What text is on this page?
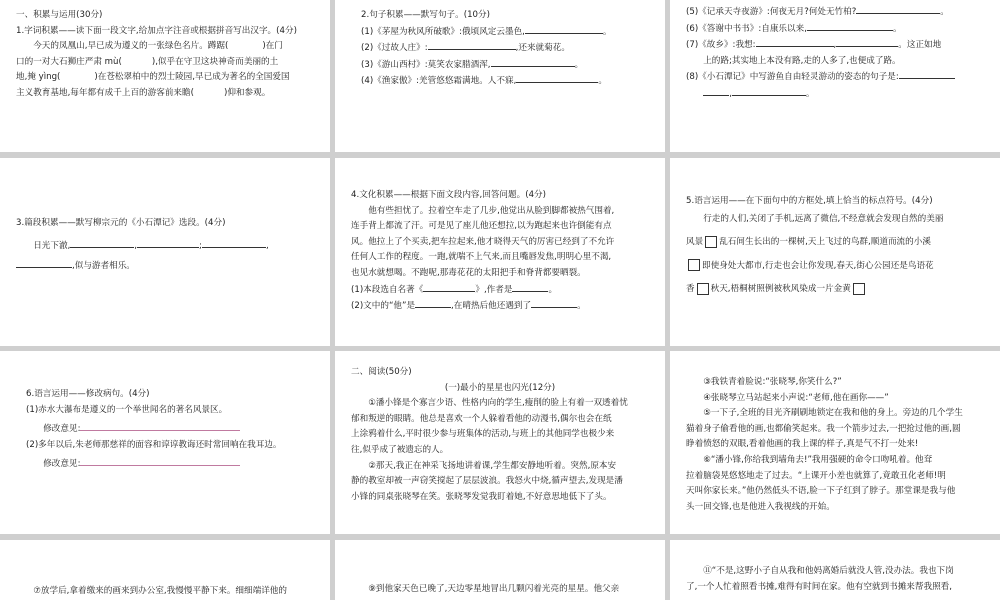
一、积累与运用(30分)

1.字词积累——读下面一段文字,给加点字注音或根据拼音写出汉字。(4分)

今天的凤凰山,早已成为遵义的一张绿色名片。蹲踞(	)在门

口的一对大石狮庄严肃 mù(	),似乎在守卫这块神奇而美丽的土

地,掩 yìng(	)在苍松翠柏中的烈士陵园,早已成为著名的全国爱国

主义教育基地,每年都有成千上百的游客前来瞻(	)仰和参观。

2.句子积累——默写句子。(10分)

(1)《茅屋为秋风所破歌》:俄顷风定云墨色,	。

(2)《过故人庄》:	,还来就菊花。

(3)《游山西村》:莫笑农家腊酒浑,	。

(4)《渔家傲》:羌管悠悠霜满地。人不寐,	。

(5)《记承天寺夜游》:何夜无月?何处无竹柏?	。

(6)《答谢中书书》:自康乐以来,	。

(7)《故乡》:我想:	,	。这正如地

上的路;其实地上本没有路,走的人多了,也便成了路。

(8)《小石潭记》中写游鱼自由轻灵游动的姿态的句子是:

,	。

3.篇段积累——默写柳宗元的《小石潭记》选段。(4分)

日光下澈,	,	;	,

,似与游者相乐。

4.文化积累——根据下面文段内容,回答问题。(4分)

他有些担忧了。拉着空车走了几步,他觉出从脸到脚都被热气围着,

连手背上都流了汗。可是见了座儿他还想拉,以为跑起来也许倒能有点

风。他拉上了个买卖,把车拉起来,他才晓得天气的厉害已经到了不允许

任何人工作的程度。一跑,就喘不上气来,而且嘴唇发焦,明明心里不渴,

也见水就想喝。不跑呢,那毒花花的太阳把手和脊背都要晒裂。

(1)本段选自名著《	》,作者是	。

(2)文中的“他”是	,在晴热后他还遇到了	。

5.语言运用——在下面句中的方框处,填上恰当的标点符号。(4分)

行走的人们,关闭了手机,远离了微信,不经意就会发现自然的美丽

风景 乱石间生长出的一棵树,天上飞过的鸟群,顺道而流的小溪

即使身处大都市,行走也会让你发现,春天,街心公园还是鸟语花

香 秋天,梧桐树照例被秋风染成一片金黄

6.语言运用——修改病句。(4分)

(1)赤水大瀑布是遵义的一个举世闻名的著名风景区。

修改意见:

(2)多年以后,朱老师那慈祥的面容和谆谆教诲还时常回响在我耳边。

修改意见:

二、阅读(50分)

(一)最小的星星也闪光(12分)

①潘小锋是个寡言少语、性格内向的学生,瘦削的脸上有着一双透着忧

郁和叛逆的眼睛。他总是喜欢一个人躲着看他的动漫书,偶尔也会在纸

上涂鸦着什么,平时很少参与班集体的活动,与班上的其他同学也极少来

往,似乎成了被遗忘的人。

②那天,我正在神采飞扬地讲着课,学生都安静地听着。突然,原本安

静的教室却被一声窃笑搅起了层层波浪。我怒火中烧,循声望去,发现是潘

小锋的同桌张晓琴在笑。张晓琴发觉我盯着她,不好意思地低下了头。

③我铁青着脸说:“张晓琴,你笑什么?”

④张晓琴立马站起来小声说:“老师,他在画你——”

⑤一下子,全班的目光齐刷刷地锁定在我和他的身上。旁边的几个学生

猫着身子偷看他的画,也都偷笑起来。我一个箭步过去,一把抢过他的画,圆

睁着愤怒的双眼,看着他画的我上课的样子,真是气不打一处来!

⑥“潘小锋,你给我到墙角去!”我用强硬的命令口吻吼着。他耷

拉着脑袋晃悠悠地走了过去。“上课开小差也就算了,竟敢丑化老师!明

天叫你家长来。”他仍然低头不语,脸一下子红到了脖子。那堂课是我与他

头一回交锋,也是他进入我视线的开始。

⑦放学后,拿着缴来的画来到办公室,我慢慢平静下来。细细端详他的	⑨到他家天色已晚了,天边零星地冒出几颗闪着光亮的星星。他父亲

⑪“不是,这野小子自从我和他妈离婚后就没人管,没办法。我也下岗

了,一个人忙着照看书摊,难得有时间在家。他有空就到书摊来帮我照看,
